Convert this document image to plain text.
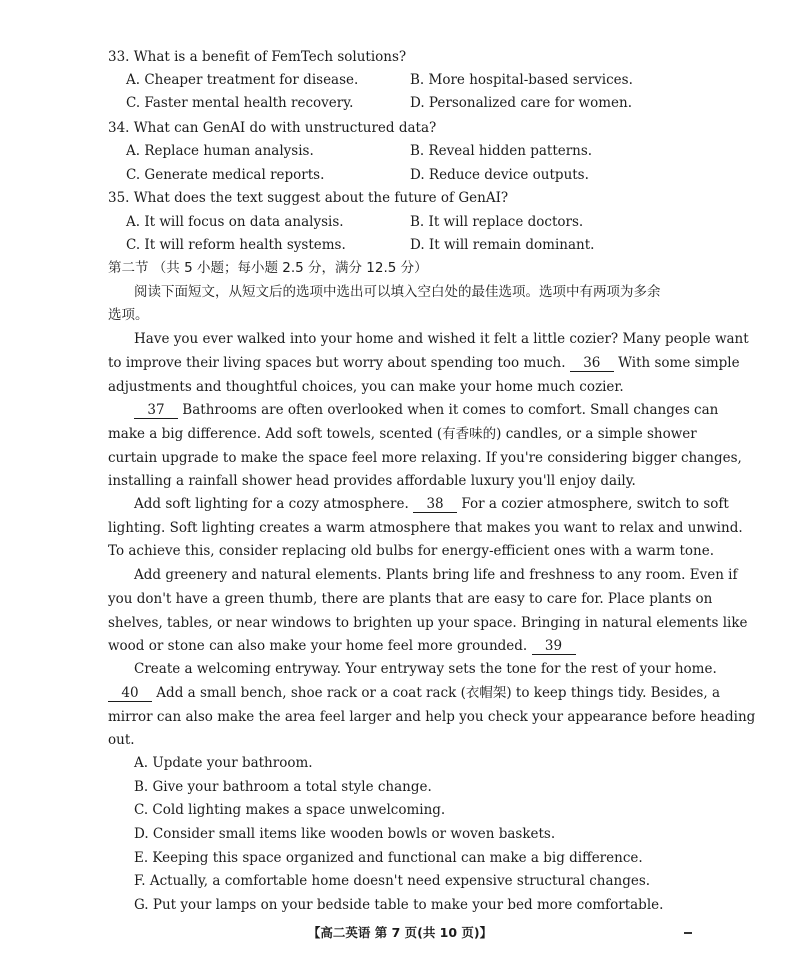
33. What is a benefit of FemTech solutions?
A. Cheaper treatment for disease.	B. More hospital-based services.
C. Faster mental health recovery.	D. Personalized care for women.
34. What can GenAI do with unstructured data?
A. Replace human analysis.	B. Reveal hidden patterns.
C. Generate medical reports.	D. Reduce device outputs.
35. What does the text suggest about the future of GenAI?
A. It will focus on data analysis.	B. It will replace doctors.
C. It will reform health systems.	D. It will remain dominant.
第二节 （共 5 小题；每小题 2.5 分，满分 12.5 分）
阅读下面短文，从短文后的选项中选出可以填入空白处的最佳选项。选项中有两项为多余
选项。
Have you ever walked into your home and wished it felt a little cozier? Many people want
to improve their living spaces but worry about spending too much. 36 With some simple
adjustments and thoughtful choices, you can make your home much cozier.
37 Bathrooms are often overlooked when it comes to comfort. Small changes can
make a big difference. Add soft towels, scented (有香味的) candles, or a simple shower
curtain upgrade to make the space feel more relaxing. If you're considering bigger changes,
installing a rainfall shower head provides affordable luxury you'll enjoy daily.
Add soft lighting for a cozy atmosphere. 38 For a cozier atmosphere, switch to soft
lighting. Soft lighting creates a warm atmosphere that makes you want to relax and unwind.
To achieve this, consider replacing old bulbs for energy-efficient ones with a warm tone.
Add greenery and natural elements. Plants bring life and freshness to any room. Even if
you don't have a green thumb, there are plants that are easy to care for. Place plants on
shelves, tables, or near windows to brighten up your space. Bringing in natural elements like
wood or stone can also make your home feel more grounded. 39
Create a welcoming entryway. Your entryway sets the tone for the rest of your home.
40 Add a small bench, shoe rack or a coat rack (衣帽架) to keep things tidy. Besides, a
mirror can also make the area feel larger and help you check your appearance before heading
out.
A. Update your bathroom.
B. Give your bathroom a total style change.
C. Cold lighting makes a space unwelcoming.
D. Consider small items like wooden bowls or woven baskets.
E. Keeping this space organized and functional can make a big difference.
F. Actually, a comfortable home doesn't need expensive structural changes.
G. Put your lamps on your bedside table to make your bed more comfortable.
【高二英语 第 7 页(共 10 页)】
